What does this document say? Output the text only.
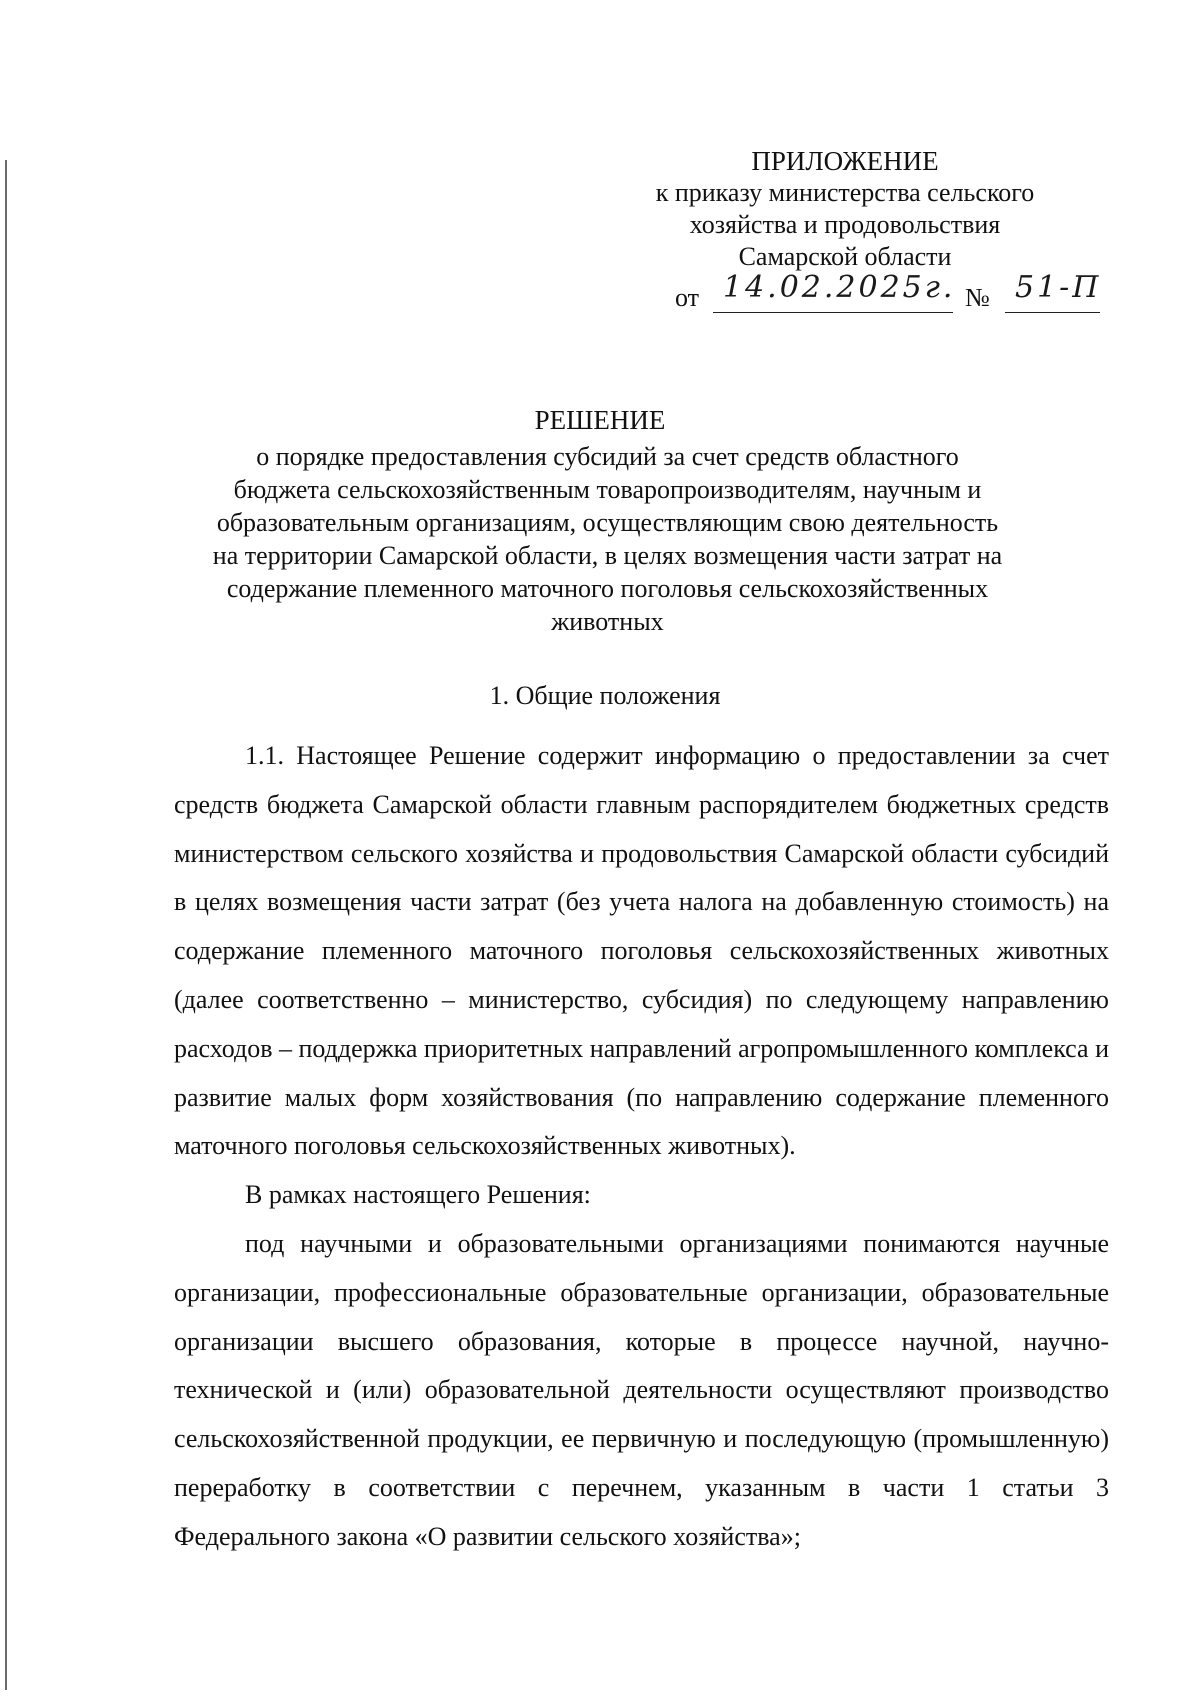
ПРИЛОЖЕНИЕ
к приказу министерства сельского
хозяйства и продовольствия
Самарской области
от 14.02.2025г. № 51-П
РЕШЕНИЕ
о порядке предоставления субсидий за счет средств областного бюджета сельскохозяйственным товаропроизводителям, научным и образовательным организациям, осуществляющим свою деятельность на территории Самарской области, в целях возмещения части затрат на содержание племенного маточного поголовья сельскохозяйственных животных
1. Общие положения

1.1. Настоящее Решение содержит информацию о предоставлении за счет средств бюджета Самарской области главным распорядителем бюджетных средств министерством сельского хозяйства и продовольствия Самарской области субсидий в целях возмещения части затрат (без учета налога на добавленную стоимость) на содержание племенного маточного поголовья сельскохозяйственных животных (далее соответственно – министерство, субсидия) по следующему направлению расходов – поддержка приоритетных направлений агропромышленного комплекса и развитие малых форм хозяйствования (по направлению содержание племенного маточного поголовья сельскохозяйственных животных).

В рамках настоящего Решения:

под научными и образовательными организациями понимаются научные организации, профессиональные образовательные организации, образовательные организации высшего образования, которые в процессе научной, научно-технической и (или) образовательной деятельности осуществляют производство сельскохозяйственной продукции, ее первичную и последующую (промышленную) переработку в соответствии с перечнем, указанным в части 1 статьи 3 Федерального закона «О развитии сельского хозяйства»;
